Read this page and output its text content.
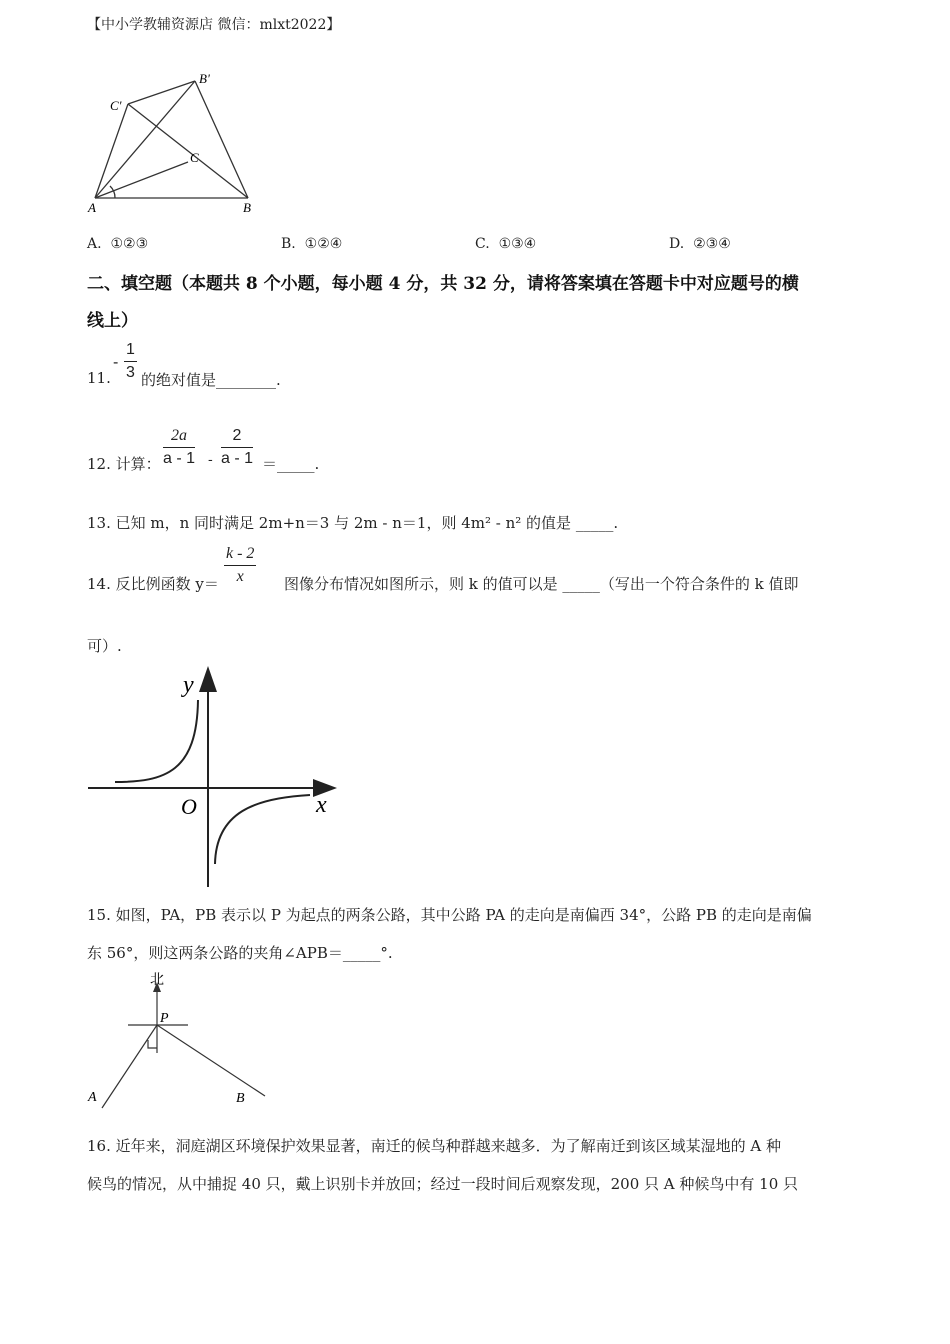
【中小学教辅资源店 微信：mlxt2022】
C'
B'
C
A	B
A. ①②③	B. ①②④	C. ①③④	D. ②③④
二、填空题（本题共 8 个小题，每小题 4 分，共 32 分，请将答案填在答题卡中对应题号的横
线上）
11.
-
1
3 的绝对值是________.
12. 计算：
2a
a - 1 -
2
a - 1 ＝_____.
13. 已知 m，n 同时满足 2m+n＝3 与 2m - n＝1，则 4m² - n² 的值是 _____.
14. 反比例函数 y＝
k - 2
x	图像分布情况如图所示，则 k 的值可以是 _____（写出一个符合条件的 k 值即
可）.
y
x
O
15. 如图，PA，PB 表示以 P 为起点的两条公路，其中公路 PA 的走向是南偏西 34°，公路 PB 的走向是南偏
东 56°，则这两条公路的夹角∠APB＝_____°.
北
P
A	B
16. 近年来，洞庭湖区环境保护效果显著，南迁的候鸟种群越来越多．为了解南迁到该区域某湿地的 A 种
候鸟的情况，从中捕捉 40 只，戴上识别卡并放回；经过一段时间后观察发现，200 只 A 种候鸟中有 10 只
